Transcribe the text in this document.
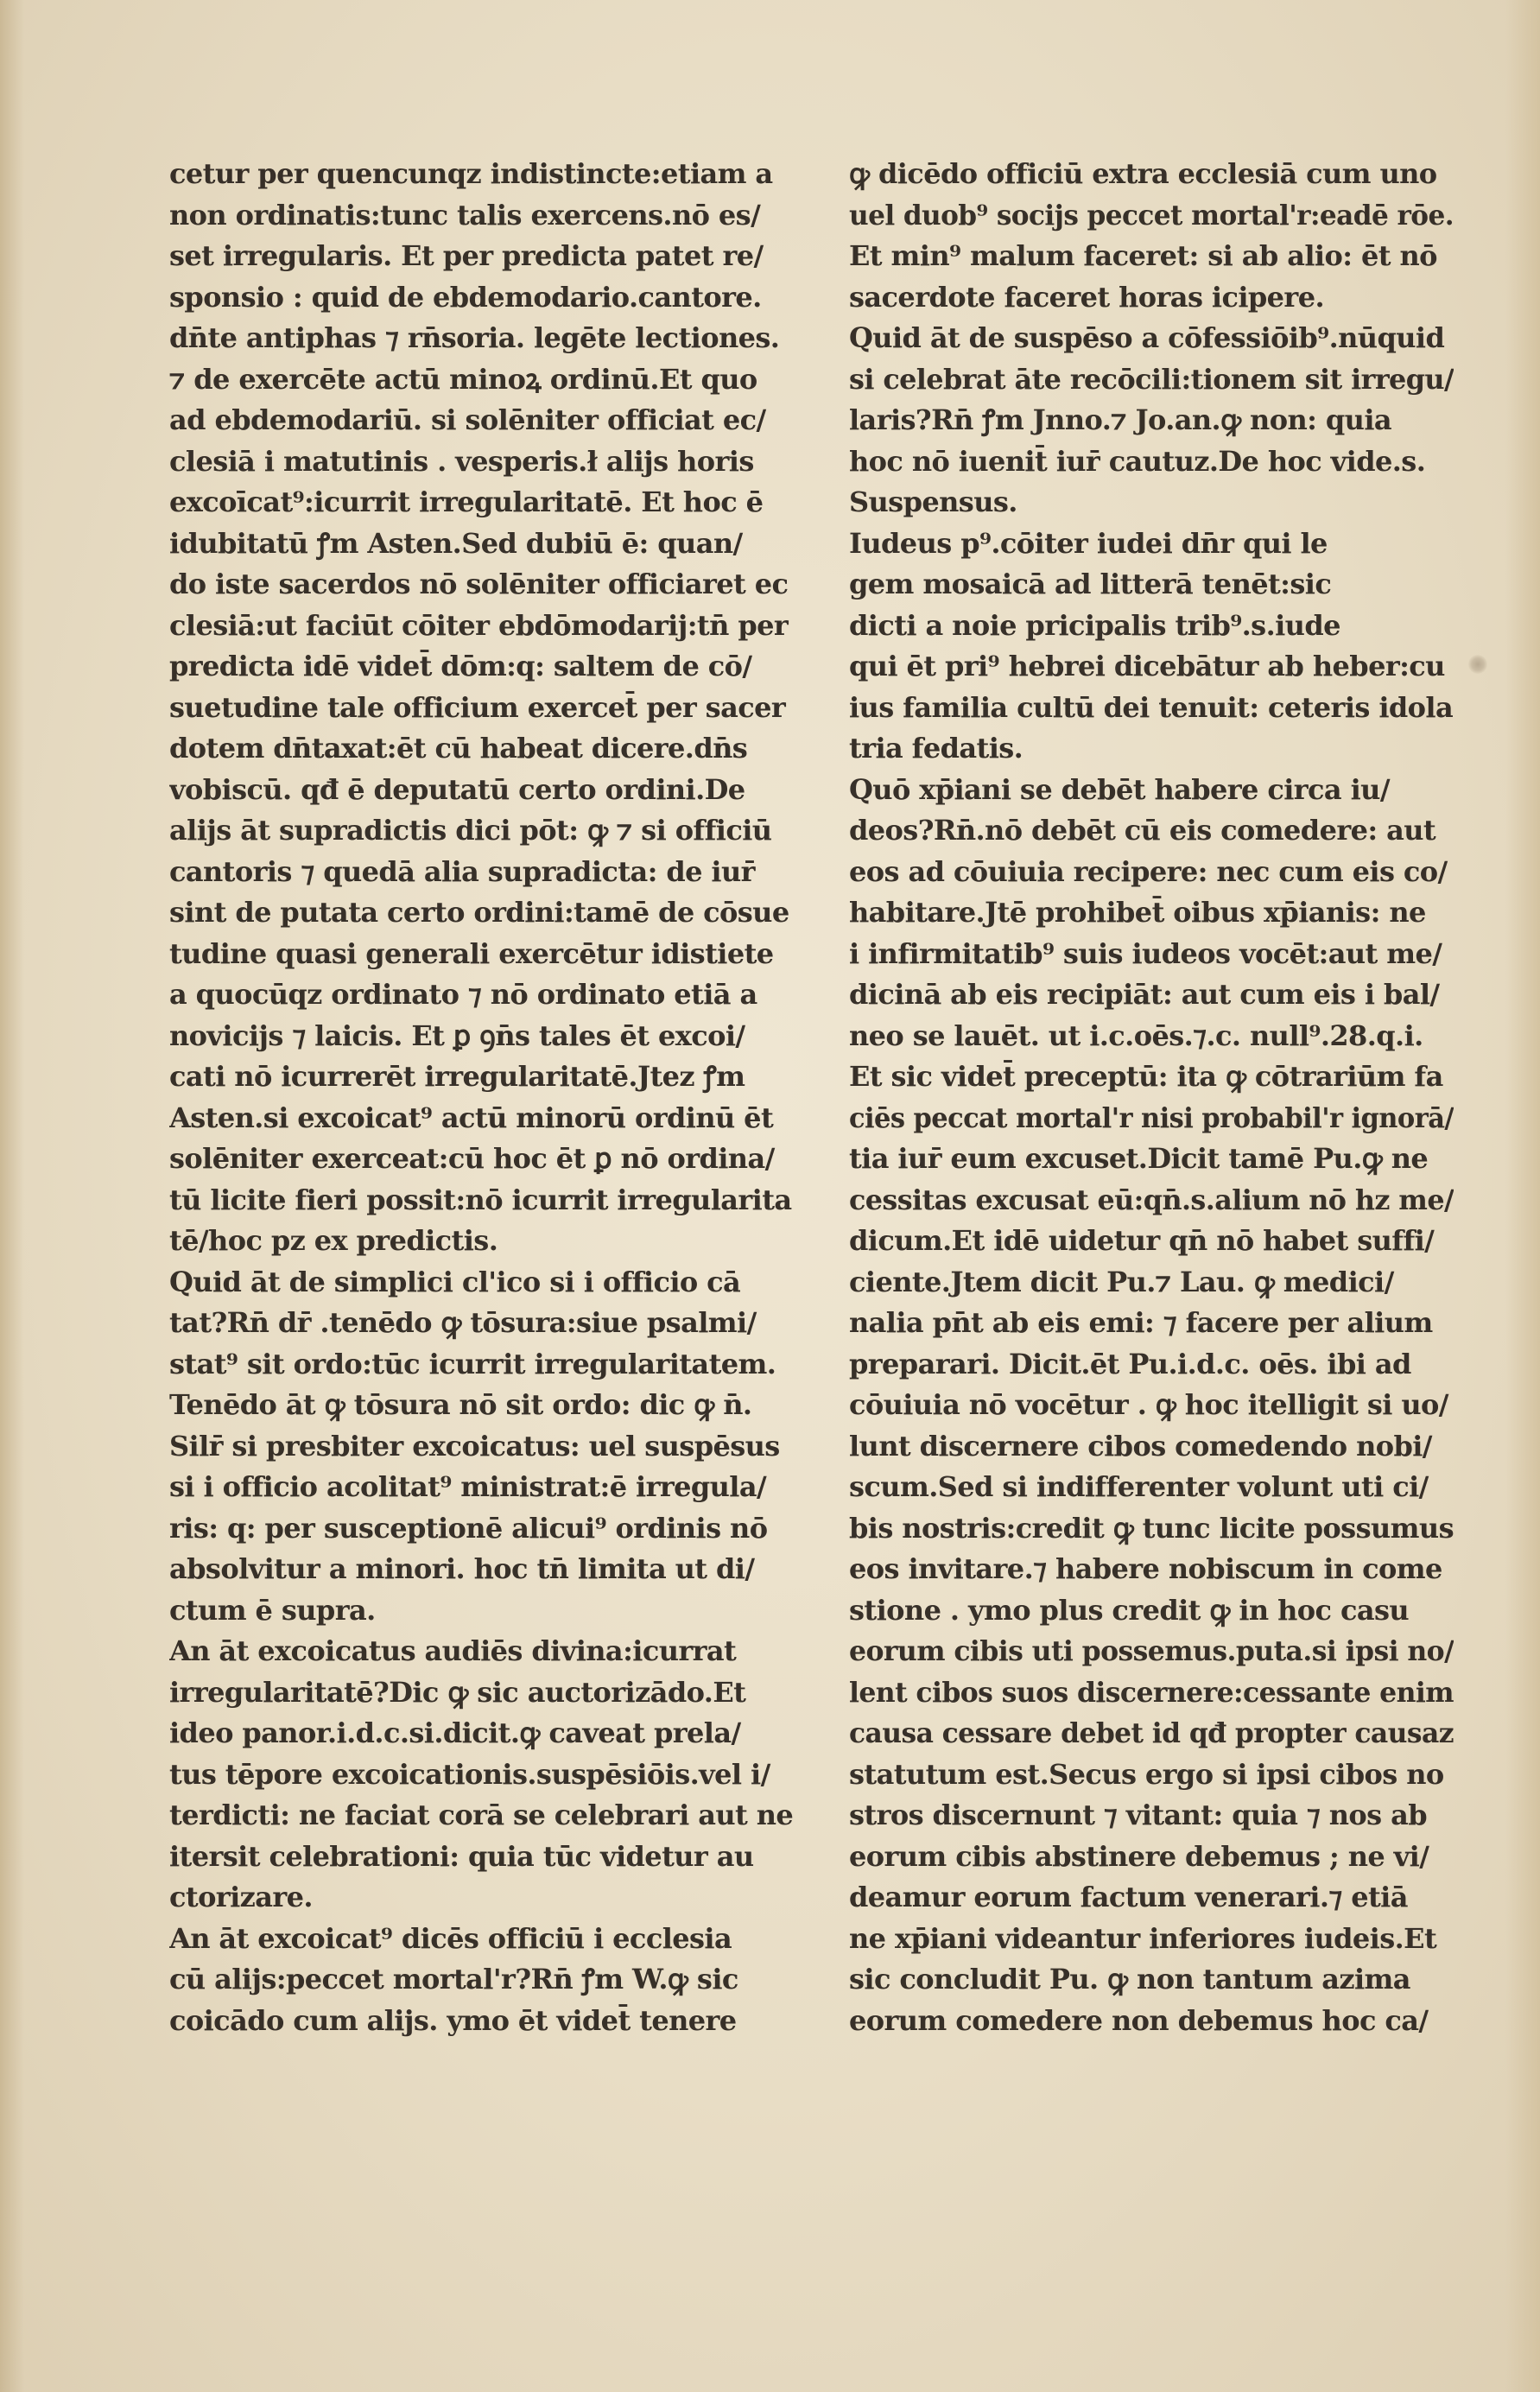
cetur per quencunqz indistincte:etiam a
non ordinatis:tunc talis exercens.nō es/
set irregularis. Et per predicta patet re/
sponsio : quid de ebdemodario.cantore.
dn̄te antiphas ⁊ rn̄soria. legēte lectiones.
⁊ de exercēte actū minoꝝ ordinū.Et quo
ad ebdemodariū. si solēniter officiat ec/
clesiā i matutinis . vesperis.ł alijs horis
excoīcat⁹:icurrit irregularitatē. Et hoc ē
idubitatū ꝭm Asten.Sed dubiū ē: quan/
do iste sacerdos nō solēniter officiaret ec
clesiā:ut faciūt cōiter ebdōmodarij:tn̄ per
predicta idē videt̄ dōm:q: saltem de cō/
suetudine tale officium exercet̄ per sacer
dotem dn̄taxat:ēt cū habeat dicere.dn̄s
vobiscū. qđ ē deputatū certo ordini.De
alijs āt supradictis dici pōt: ꝙ ⁊ si officiū
cantoris ⁊ quedā alia supradicta: de iur̄
sint de putata certo ordini:tamē de cōsue
tudine quasi generali exercētur idistiete
a quocūqz ordinato ⁊ nō ordinato etiā a
novicijs ⁊ laicis. Et ꝑ ꝯn̄s tales ēt excoi/
cati nō icurrerēt irregularitatē.Jtez ꝭm
Asten.si excoicat⁹ actū minorū ordinū ēt
solēniter exerceat:cū hoc ēt ꝑ nō ordina/
tū licite fieri possit:nō icurrit irregularita
tē/hoc pz ex predictis.
Quid āt de simplici cl'ico si i officio cā
tat?Rn̄ dr̄ .tenēdo ꝙ tōsura:siue psalmi/
stat⁹ sit ordo:tūc icurrit irregularitatem.
Tenēdo āt ꝙ tōsura nō sit ordo: dic ꝙ n̄.
Silr̄ si presbiter excoicatus: uel suspēsus
si i officio acolitat⁹ ministrat:ē irregula/
ris: q: per susceptionē alicui⁹ ordinis nō
absolvitur a minori. hoc tn̄ limita ut di/
ctum ē supra.
An āt excoicatus audiēs divina:icurrat
irregularitatē?Dic ꝙ sic auctorizādo.Et
ideo panor.i.d.c.si.dicit.ꝙ caveat prela/
tus tēpore excoicationis.suspēsiōis.vel i/
terdicti: ne faciat corā se celebrari aut ne
itersit celebrationi: quia tūc videtur au
ctorizare.
An āt excoicat⁹ dicēs officiū i ecclesia
cū alijs:peccet mortal'r?Rn̄ ꝭm W.ꝙ sic
coicādo cum alijs. ymo ēt videt̄ tenere
ꝙ dicēdo officiū extra ecclesiā cum uno
uel duob⁹ socijs peccet mortal'r:eadē rōe.
Et min⁹ malum faceret: si ab alio: ēt nō
sacerdote faceret horas icipere.
Quid āt de suspēso a cōfessiōib⁹.nūquid
si celebrat āte recōcili:tionem sit irregu/
laris?Rn̄ ꝭm Jnno.⁊ Jo.an.ꝙ non: quia
hoc nō iuenit̄ iur̄ cautuz.De hoc vide.s.
Suspensus.
Iudeus p⁹.cōiter iudei dn̄r qui le
gem mosaicā ad litterā tenēt:sic
dicti a noie pricipalis trib⁹.s.iude
qui ēt pri⁹ hebrei dicebātur ab heber:cu
ius familia cultū dei tenuit: ceteris idola
tria fedatis.
Quō xp̄iani se debēt habere circa iu/
deos?Rn̄.nō debēt cū eis comedere: aut
eos ad cōuiuia recipere: nec cum eis co/
habitare.Jtē prohibet̄ oibus xp̄ianis: ne
i infirmitatib⁹ suis iudeos vocēt:aut me/
dicinā ab eis recipiāt: aut cum eis i bal/
neo se lauēt. ut i.c.oēs.⁊.c. null⁹.28.q.i.
Et sic videt̄ preceptū: ita ꝙ cōtrariūm fa
ciēs peccat mortal'r nisi probabil'r ignorā/
tia iur̄ eum excuset.Dicit tamē Pu.ꝙ ne
cessitas excusat eū:qn̄.s.alium nō hz me/
dicum.Et idē uidetur qn̄ nō habet suffi/
ciente.Jtem dicit Pu.⁊ Lau. ꝙ medici/
nalia pn̄t ab eis emi: ⁊ facere per alium
preparari. Dicit.ēt Pu.i.d.c. oēs. ibi ad
cōuiuia nō vocētur . ꝙ hoc itelligit si uo/
lunt discernere cibos comedendo nobi/
scum.Sed si indifferenter volunt uti ci/
bis nostris:credit ꝙ tunc licite possumus
eos invitare.⁊ habere nobiscum in come
stione . ymo plus credit ꝙ in hoc casu
eorum cibis uti possemus.puta.si ipsi no/
lent cibos suos discernere:cessante enim
causa cessare debet id qđ propter causaz
statutum est.Secus ergo si ipsi cibos no
stros discernunt ⁊ vitant: quia ⁊ nos ab
eorum cibis abstinere debemus ; ne vi/
deamur eorum factum venerari.⁊ etiā
ne xp̄iani videantur inferiores iudeis.Et
sic concludit Pu. ꝙ non tantum azima
eorum comedere non debemus hoc ca/
